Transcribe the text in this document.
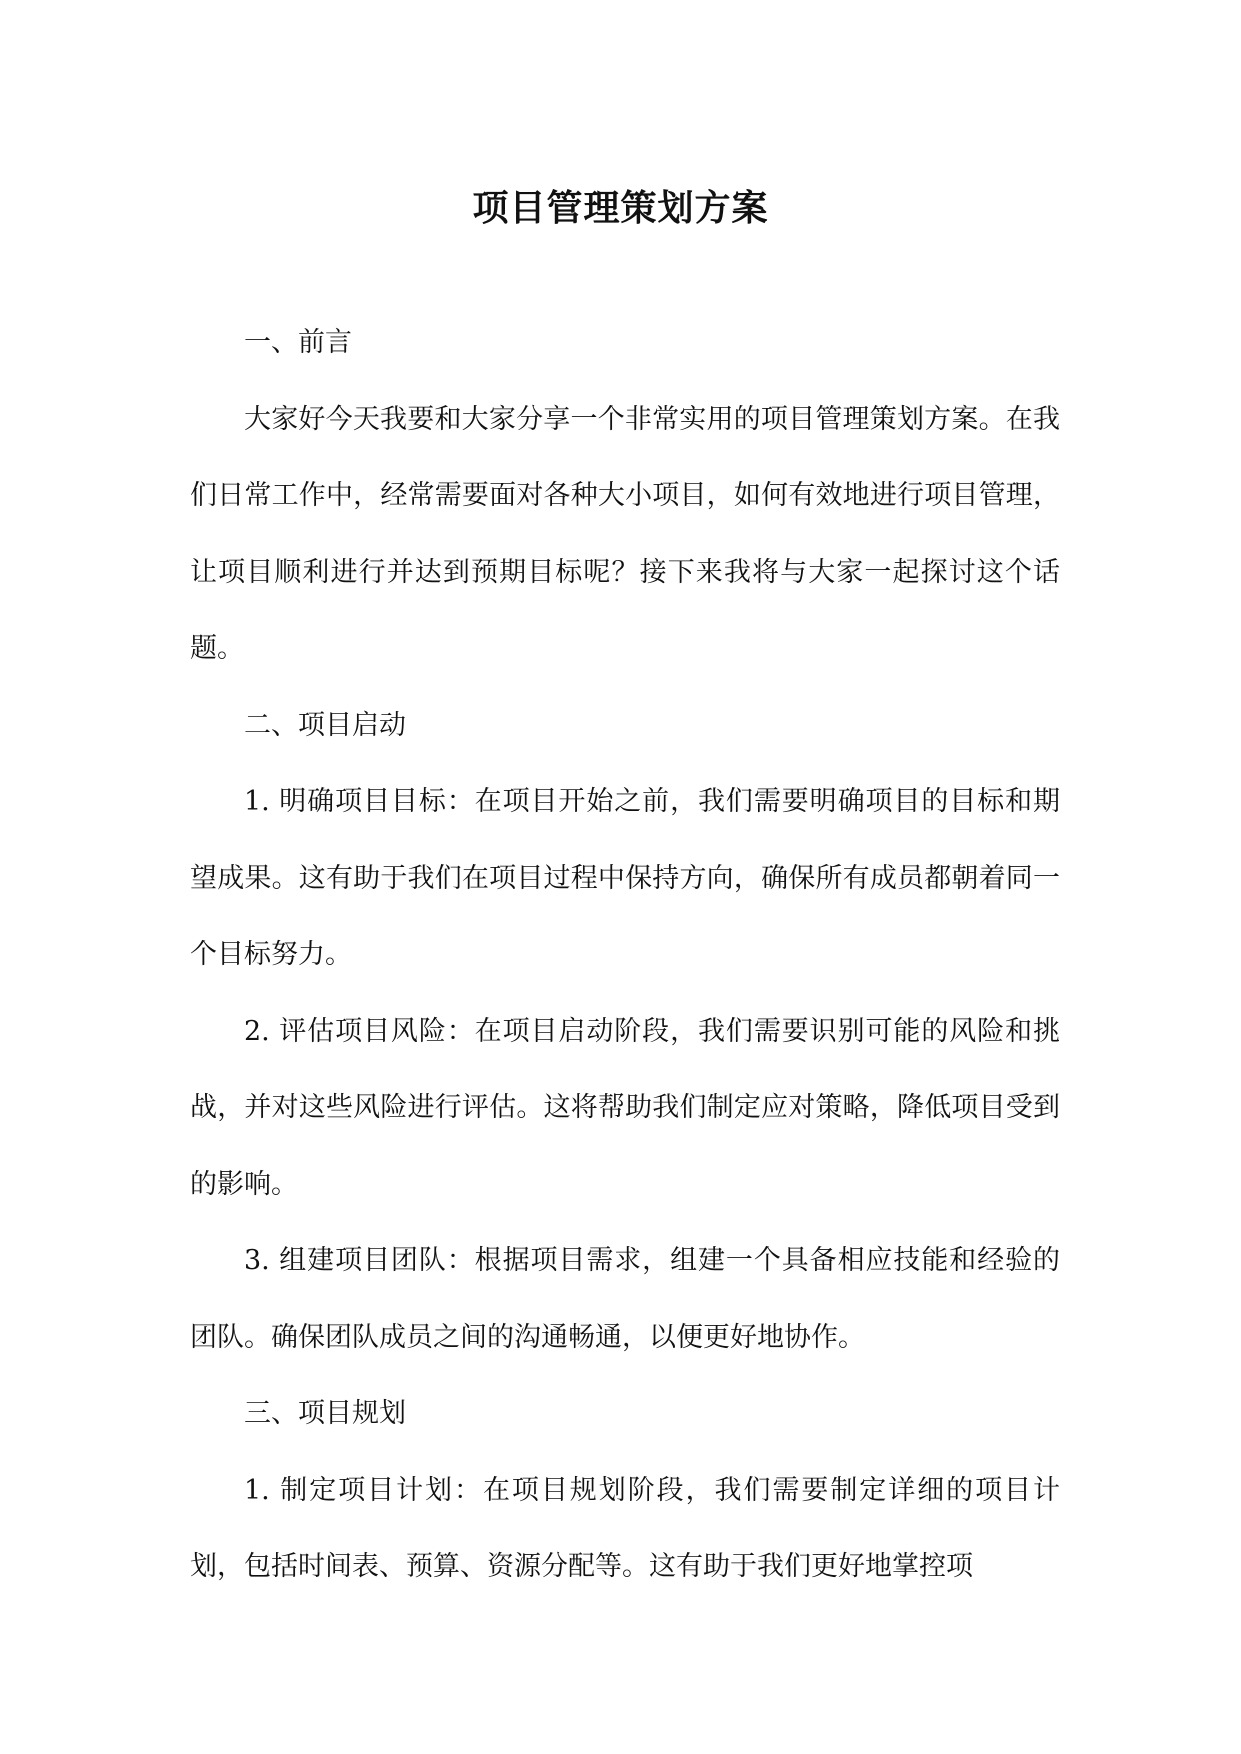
项目管理策划方案

一、前言

大家好今天我要和大家分享一个非常实用的项目管理策划方案。在我们日常工作中，经常需要面对各种大小项目，如何有效地进行项目管理，让项目顺利进行并达到预期目标呢？接下来我将与大家一起探讨这个话题。

二、项目启动

1. 明确项目目标：在项目开始之前，我们需要明确项目的目标和期望成果。这有助于我们在项目过程中保持方向，确保所有成员都朝着同一个目标努力。

2. 评估项目风险：在项目启动阶段，我们需要识别可能的风险和挑战，并对这些风险进行评估。这将帮助我们制定应对策略，降低项目受到的影响。

3. 组建项目团队：根据项目需求，组建一个具备相应技能和经验的团队。确保团队成员之间的沟通畅通，以便更好地协作。

三、项目规划

1. 制定项目计划：在项目规划阶段，我们需要制定详细的项目计划，包括时间表、预算、资源分配等。这有助于我们更好地掌控项
